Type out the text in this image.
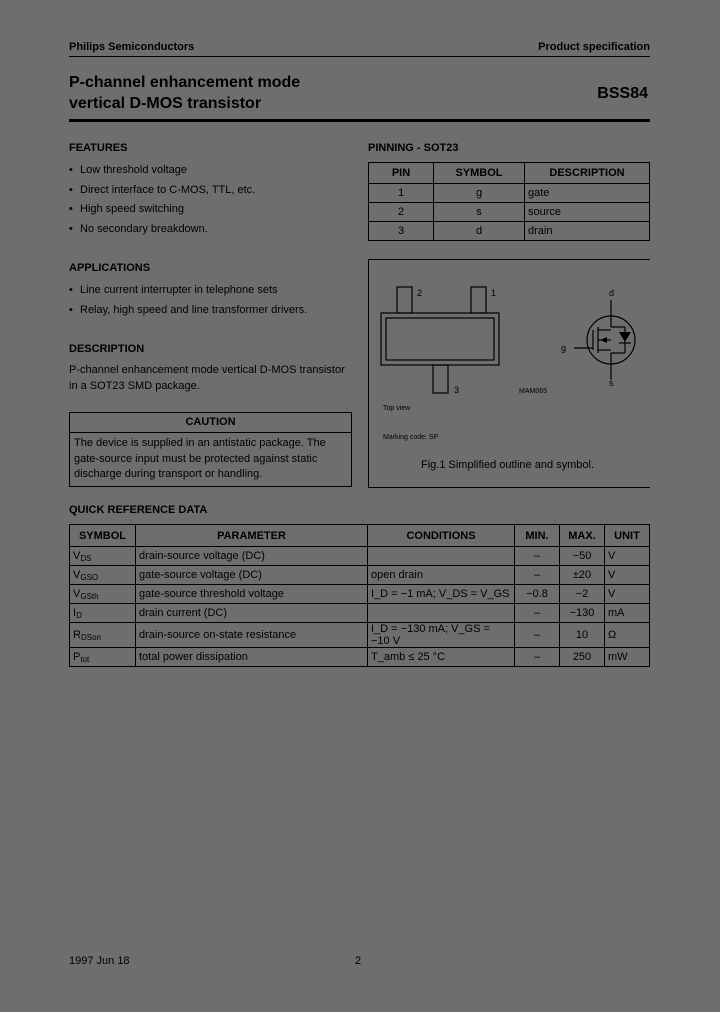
Philips Semiconductors	Product specification
P-channel enhancement mode
vertical D-MOS transistor
BSS84
FEATURES
• Low threshold voltage
• Direct interface to C-MOS, TTL, etc.
• High speed switching
• No secondary breakdown.
APPLICATIONS
• Line current interrupter in telephone sets
• Relay, high speed and line transformer drivers.
DESCRIPTION
P-channel enhancement mode vertical D-MOS transistor in a SOT23 SMD package.
CAUTION
The device is supplied in an antistatic package. The gate-source input must be protected against static discharge during transport or handling.
PINNING - SOT23
PIN	SYMBOL	DESCRIPTION
1	g	gate
2	s	source
3	d	drain
2	1
3
d
g
s
MAM065
Top view
Marking code: SP
Fig.1 Simplified outline and symbol.
QUICK REFERENCE DATA
SYMBOL	PARAMETER	CONDITIONS	MIN.	MAX.	UNIT
$V_{DS}$	drain-source voltage (DC)		–	−50	V
$V_{GSO}$	gate-source voltage (DC)	open drain	–	±20	V
$V_{GSth}$	gate-source threshold voltage	I_D = −1 mA; V_DS = V_GS	−0.8	−2	V
$I_D$	drain current (DC)		–	−130	mA
$R_{DSon}$	drain-source on-state resistance	I_D = −130 mA; V_GS = −10 V	–	10	Ω
$P_{tot}$	total power dissipation	T_amb ≤ 25 °C	–	250	mW
1997 Jun 18	2
